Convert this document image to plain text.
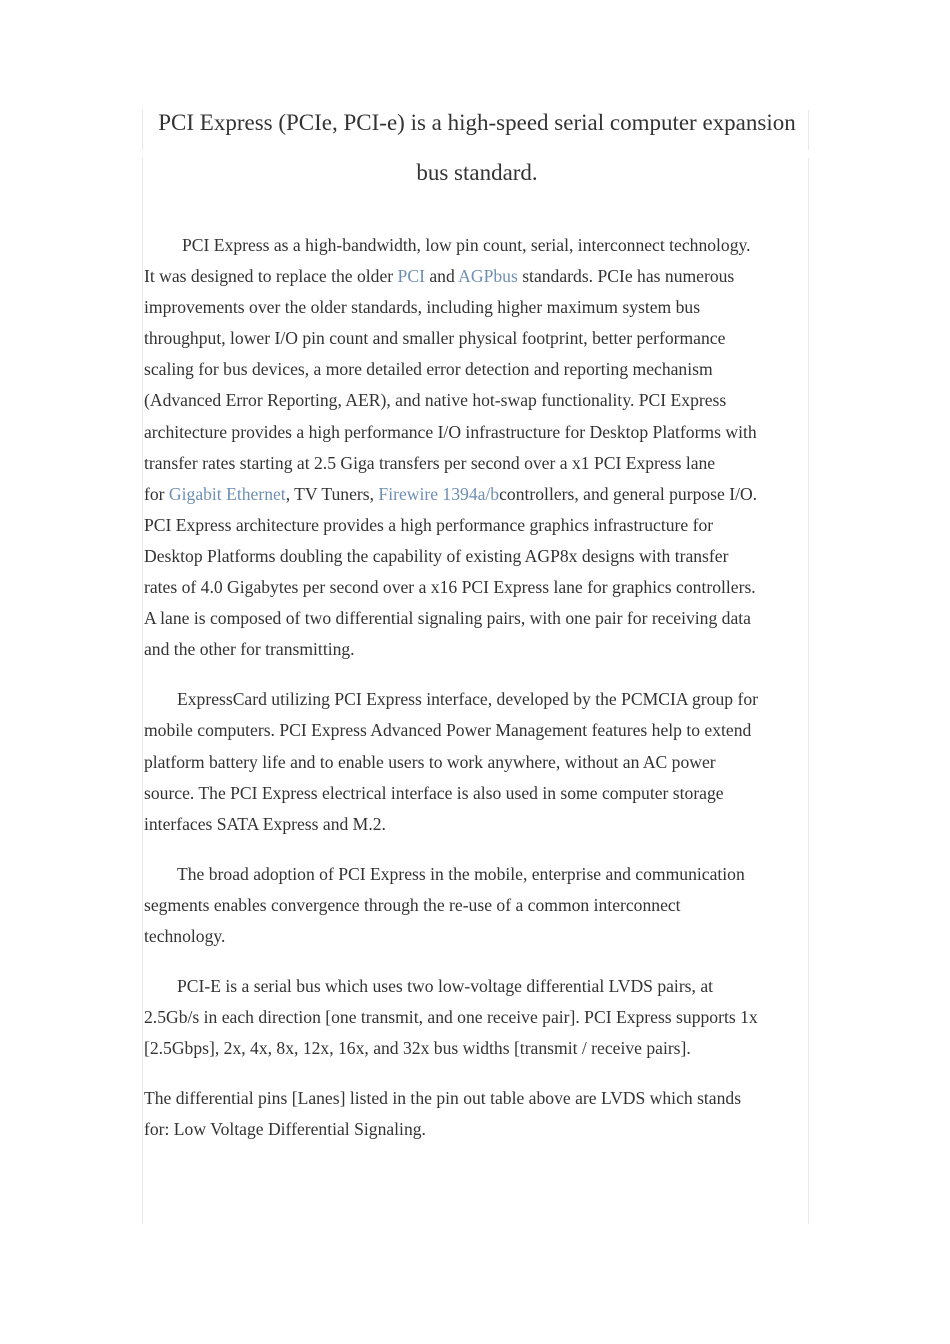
PCI Express (PCIe, PCI-e) is a high-speed serial computer expansion
bus standard.

PCI Express as a high-bandwidth, low pin count, serial, interconnect technology.
It was designed to replace the older PCI and AGPbus standards. PCIe has numerous
improvements over the older standards, including higher maximum system bus
throughput, lower I/O pin count and smaller physical footprint, better performance
scaling for bus devices, a more detailed error detection and reporting mechanism
(Advanced Error Reporting, AER), and native hot-swap functionality. PCI Express
architecture provides a high performance I/O infrastructure for Desktop Platforms with
transfer rates starting at 2.5 Giga transfers per second over a x1 PCI Express lane
for Gigabit Ethernet, TV Tuners, Firewire 1394a/bcontrollers, and general purpose I/O.
PCI Express architecture provides a high performance graphics infrastructure for
Desktop Platforms doubling the capability of existing AGP8x designs with transfer
rates of 4.0 Gigabytes per second over a x16 PCI Express lane for graphics controllers.
A lane is composed of two differential signaling pairs, with one pair for receiving data
and the other for transmitting.

ExpressCard utilizing PCI Express interface, developed by the PCMCIA group for
mobile computers. PCI Express Advanced Power Management features help to extend
platform battery life and to enable users to work anywhere, without an AC power
source. The PCI Express electrical interface is also used in some computer storage
interfaces SATA Express and M.2.

The broad adoption of PCI Express in the mobile, enterprise and communication
segments enables convergence through the re-use of a common interconnect
technology.

PCI-E is a serial bus which uses two low-voltage differential LVDS pairs, at
2.5Gb/s in each direction [one transmit, and one receive pair]. PCI Express supports 1x
[2.5Gbps], 2x, 4x, 8x, 12x, 16x, and 32x bus widths [transmit / receive pairs].

The differential pins [Lanes] listed in the pin out table above are LVDS which stands
for: Low Voltage Differential Signaling.
